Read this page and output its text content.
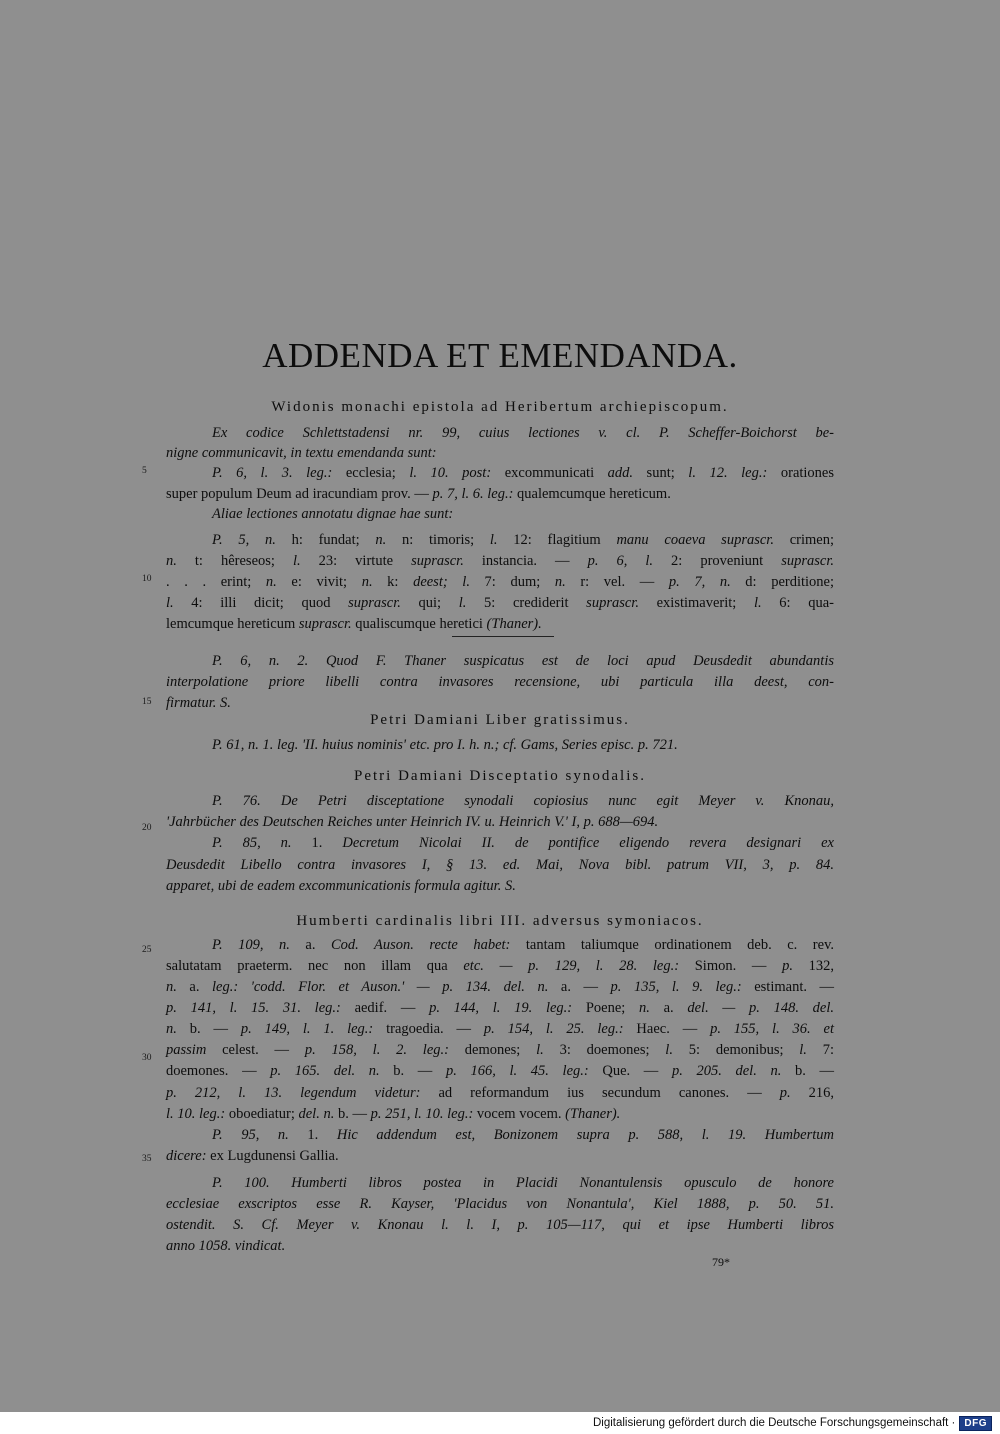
ADDENDA ET EMENDANDA.
Widonis monachi epistola ad Heribertum archiepiscopum.
Ex codice Schlettstadensi nr. 99, cuius lectiones v. cl. P. Scheffer-Boichorst be-
nigne communicavit, in textu emendanda sunt:
P. 6, l. 3. leg.: ecclesia; l. 10. post: excommunicati add. sunt; l. 12. leg.: orationes
super populum Deum ad iracundiam prov. — p. 7, l. 6. leg.: qualemcumque hereticum.
Aliae lectiones annotatu dignae hae sunt:
P. 5, n. h: fundat; n. n: timoris; l. 12: flagitium manu coaeva suprascr. crimen;
n. t: hêreseos; l. 23: virtute suprascr. instancia. — p. 6, l. 2: proveniunt suprascr.
. . . erint; n. e: vivit; n. k: deest; l. 7: dum; n. r: vel. — p. 7, n. d: perditione;
l. 4: illi dicit; quod suprascr. qui; l. 5: crediderit suprascr. existimaverit; l. 6: qua-
lemcumque hereticum suprascr. qualiscumque heretici (Thaner).
P. 6, n. 2. Quod F. Thaner suspicatus est de loci apud Deusdedit abundantis
interpolatione priore libelli contra invasores recensione, ubi particula illa deest, con-
firmatur. S.
Petri Damiani Liber gratissimus.
P. 61, n. 1. leg. 'II. huius nominis' etc. pro I. h. n.; cf. Gams, Series episc. p. 721.
Petri Damiani Disceptatio synodalis.
P. 76. De Petri disceptatione synodali copiosius nunc egit Meyer v. Knonau,
'Jahrbücher des Deutschen Reiches unter Heinrich IV. u. Heinrich V.' I, p. 688—694.
P. 85, n. 1. Decretum Nicolai II. de pontifice eligendo revera designari ex
Deusdedit Libello contra invasores I, § 13. ed. Mai, Nova bibl. patrum VII, 3, p. 84.
apparet, ubi de eadem excommunicationis formula agitur. S.
Humberti cardinalis libri III. adversus symoniacos.
P. 109, n. a. Cod. Auson. recte habet: tantam taliumque ordinationem deb. c. rev.
salutatam praeterm. nec non illam qua etc. — p. 129, l. 28. leg.: Simon. — p. 132,
n. a. leg.: 'codd. Flor. et Auson.' — p. 134. del. n. a. — p. 135, l. 9. leg.: estimant. —
p. 141, l. 15. 31. leg.: aedif. — p. 144, l. 19. leg.: Poene; n. a. del. — p. 148. del.
n. b. — p. 149, l. 1. leg.: tragoedia. — p. 154, l. 25. leg.: Haec. — p. 155, l. 36. et
passim celest. — p. 158, l. 2. leg.: demones; l. 3: doemones; l. 5: demonibus; l. 7:
doemones. — p. 165. del. n. b. — p. 166, l. 45. leg.: Que. — p. 205. del. n. b. —
p. 212, l. 13. legendum videtur: ad reformandum ius secundum canones. — p. 216,
l. 10. leg.: oboediatur; del. n. b. — p. 251, l. 10. leg.: vocem vocem. (Thaner).
P. 95, n. 1. Hic addendum est, Bonizonem supra p. 588, l. 19. Humbertum
dicere: ex Lugdunensi Gallia.
P. 100. Humberti libros postea in Placidi Nonantulensis opusculo de honore
ecclesiae exscriptos esse R. Kayser, 'Placidus von Nonantula', Kiel 1888, p. 50. 51.
ostendit. S. Cf. Meyer v. Knonau l. l. I, p. 105—117, qui et ipse Humberti libros
anno 1058. vindicat.
5
10
15
20
25
30
35
79*
Digitalisierung gefördert durch die Deutsche Forschungsgemeinschaft · DFG
